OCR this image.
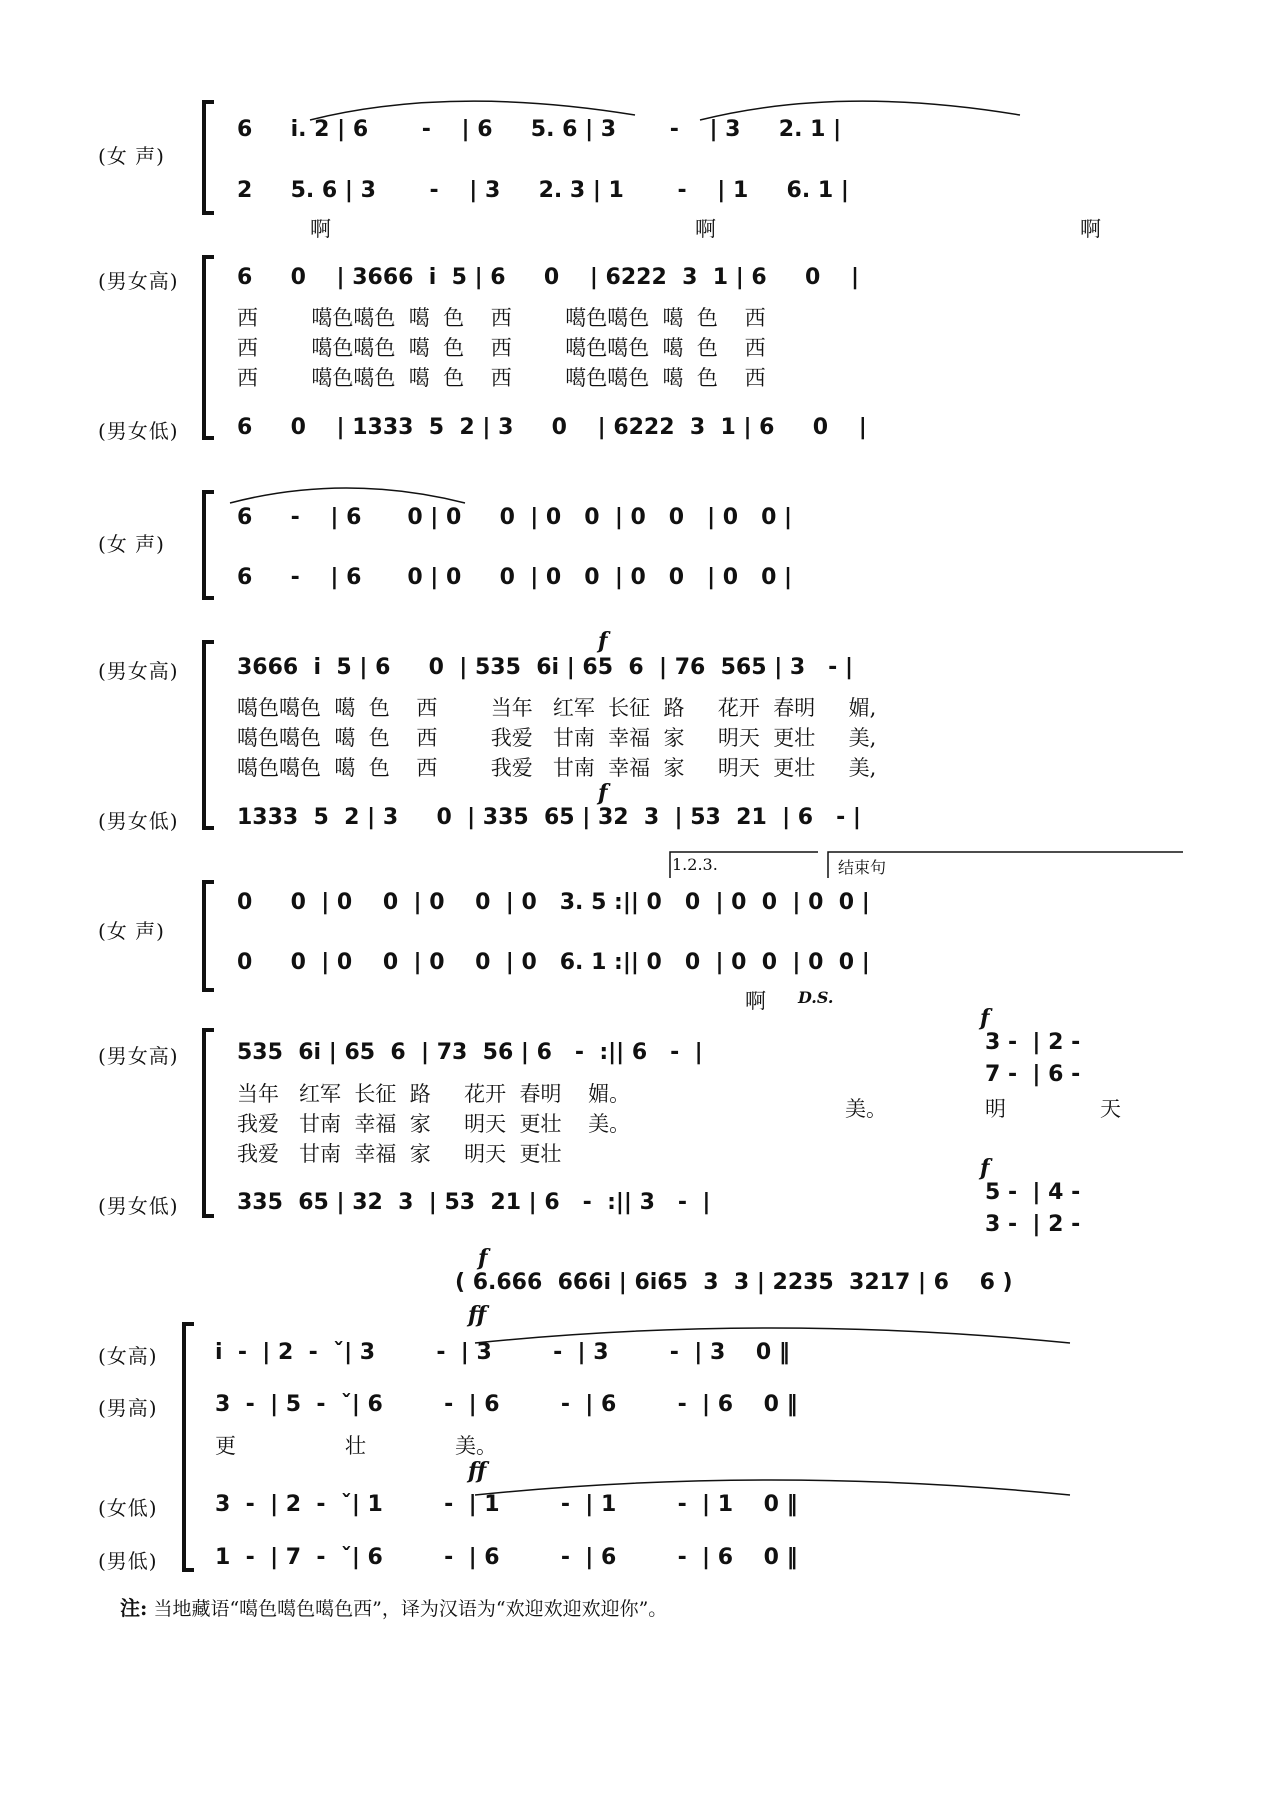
(女 声)
(男女高)
(男女低)
6     i. 2 | 6       -    | 6     5. 6 | 3       -    | 3     2. 1 |
2     5. 6 | 3       -    | 3     2. 3 | 1       -    | 1     6. 1 |
啊	啊	啊
6     0    | 3666  i  5 | 6     0    | 6222  3  1 | 6     0    |
西        噶色噶色  噶  色    西        噶色噶色  噶  色    西
西        噶色噶色  噶  色    西        噶色噶色  噶  色    西
西        噶色噶色  噶  色    西        噶色噶色  噶  色    西
6     0    | 1333  5  2 | 3     0    | 6222  3  1 | 6     0    |
(女 声)
(男女高)
(男女低)
6     -    | 6      0 | 0     0  | 0   0  | 0   0   | 0   0 |
6     -    | 6      0 | 0     0  | 0   0  | 0   0   | 0   0 |
f
3666  i  5 | 6     0  | 535  6i | 65  6  | 76  565 | 3   - |
噶色噶色  噶  色    西        当年   红军  长征  路     花开  春明     媚,
噶色噶色  噶  色    西        我爱   甘南  幸福  家     明天  更壮     美,
噶色噶色  噶  色    西        我爱   甘南  幸福  家     明天  更壮     美,
f
1333  5  2 | 3     0  | 335  65 | 32  3  | 53  21  | 6   - |
1.2.3.	结束句
(女 声)
(男女高)
(男女低)
0     0  | 0    0  | 0    0  | 0   3. 5 :|| 0   0  | 0  0  | 0  0 |
0     0  | 0    0  | 0    0  | 0   6. 1 :|| 0   0  | 0  0  | 0  0 |
啊 D.S.
535  6i | 65  6  | 73  56 | 6   -  :|| 6   -  |
f
3 -  | 2 -
7 -  | 6 -
当年   红军  长征  路     花开  春明    媚。
我爱   甘南  幸福  家     明天  更壮    美。
我爱   甘南  幸福  家     明天  更壮
美。	明	天
335  65 | 32  3  | 53  21 | 6   -  :|| 3   -  |
f
5 -  | 4 -
3 -  | 2 -
f
( 6.666  666i | 6i65  3  3 | 2235  3217 | 6    6 )
ff
(女高)
(男高)
(女低)
(男低)
i  -  | 2  -  ˇ| 3        -  | 3        -  | 3        -  | 3    0 ‖
3  -  | 5  -  ˇ| 6        -  | 6        -  | 6        -  | 6    0 ‖
更	壮	美。
ff
3  -  | 2  -  ˇ| 1        -  | 1        -  | 1        -  | 1    0 ‖
1  -  | 7  -  ˇ| 6        -  | 6        -  | 6        -  | 6    0 ‖
注: 当地藏语“噶色噶色噶色西”，译为汉语为“欢迎欢迎欢迎你”。
